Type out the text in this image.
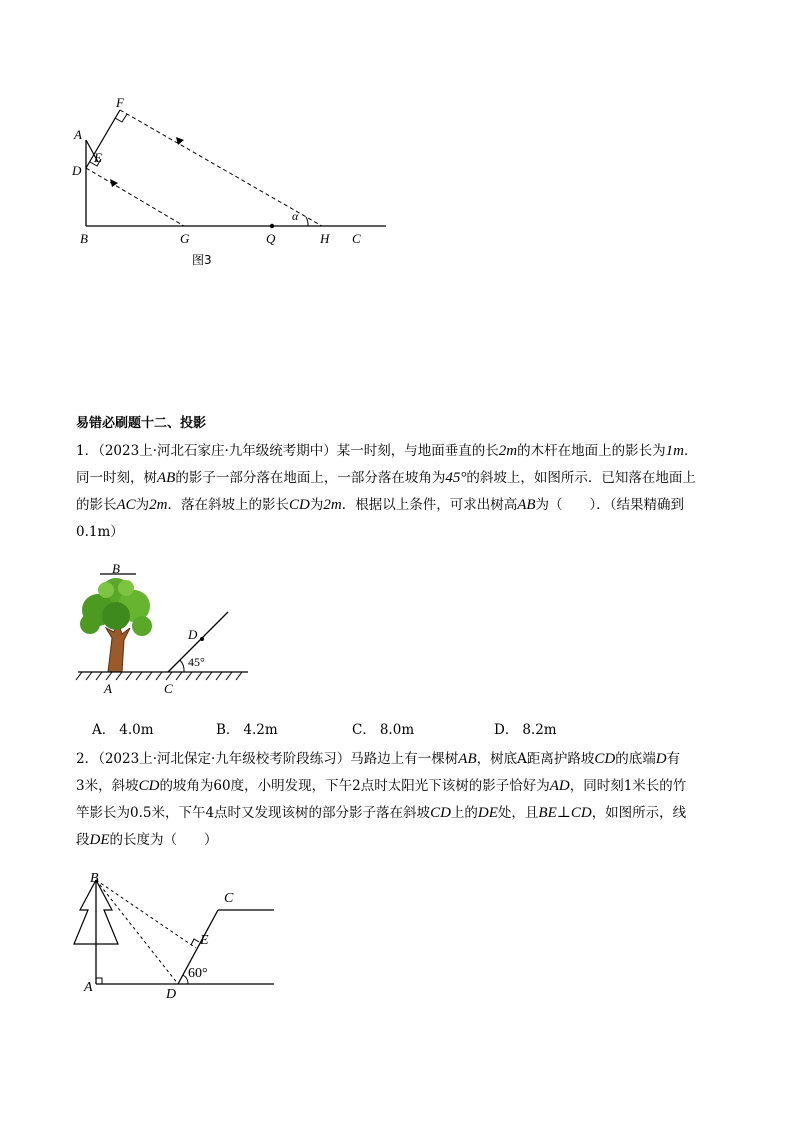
F
A
E
D
α
B	G	Q	H C
图3
易错必刷题十二、投影
1．（2023上·河北石家庄·九年级统考期中）某一时刻，与地面垂直的长2m的木杆在地面上的影长为1m．
同一时刻，树AB的影子一部分落在地面上，一部分落在坡角为45°的斜坡上，如图所示．已知落在地面上
的影长AC为2m．落在斜坡上的影长CD为2m．根据以上条件，可求出树高AB为（　　）．（结果精确到
0.1m）
B
D
45°
A	C
A． 4.0m	B． 4.2m	C． 8.0m	D． 8.2m
2．（2023上·河北保定·九年级校考阶段练习）马路边上有一棵树AB，树底A距离护路坡CD的底端D有
3米，斜坡CD的坡角为60度，小明发现，下午2点时太阳光下该树的影子恰好为AD，同时刻1米长的竹
竿影长为0.5米，下午4点时又发现该树的部分影子落在斜坡CD上的DE处，且BE⊥CD，如图所示，线
段DE的长度为（　　）
B
C
E
60°
A	D
